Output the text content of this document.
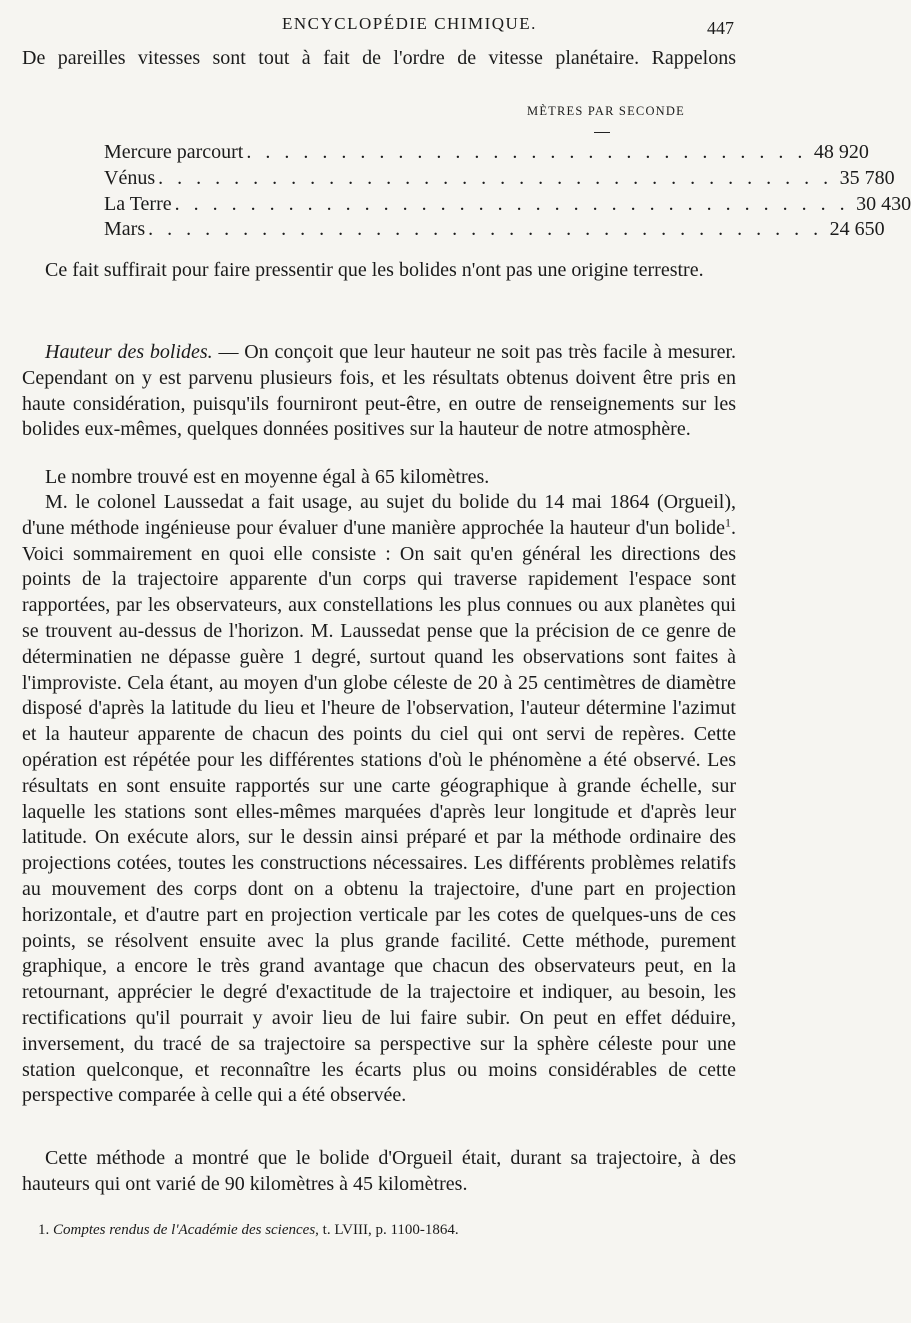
ENCYCLOPÉDIE CHIMIQUE.	447

De pareilles vitesses sont tout à fait de l'ordre de vitesse planétaire. Rappelons

MÈTRES PAR SECONDE
Mercure parcourt . . . . . . . . . . . . . . . . . . . . . . . . . . . . . . 48 920
Vénus . . . . . . . . . . . . . . . . . . . . . . . . . . . . . . . . . . . . 35 780
La Terre . . . . . . . . . . . . . . . . . . . . . . . . . . . . . . . . . . . . 30 430
Mars . . . . . . . . . . . . . . . . . . . . . . . . . . . . . . . . . . . . 24 650

Ce fait suffirait pour faire pressentir que les bolides n'ont pas une origine terrestre.

Hauteur des bolides. — On conçoit que leur hauteur ne soit pas très facile à mesurer. Cependant on y est parvenu plusieurs fois, et les résultats obtenus doivent être pris en haute considération, puisqu'ils fourniront peut-être, en outre de renseignements sur les bolides eux-mêmes, quelques données positives sur la hauteur de notre atmosphère.

Le nombre trouvé est en moyenne égal à 65 kilomètres.

M. le colonel Laussedat a fait usage, au sujet du bolide du 14 mai 1864 (Orgueil), d'une méthode ingénieuse pour évaluer d'une manière approchée la hauteur d'un bolide$^1$. Voici sommairement en quoi elle consiste : On sait qu'en général les directions des points de la trajectoire apparente d'un corps qui traverse rapidement l'espace sont rapportées, par les observateurs, aux constellations les plus connues ou aux planètes qui se trouvent au-dessus de l'horizon. M. Laussedat pense que la précision de ce genre de déterminatien ne dépasse guère 1 degré, surtout quand les observations sont faites à l'improviste. Cela étant, au moyen d'un globe céleste de 20 à 25 centimètres de diamètre disposé d'après la latitude du lieu et l'heure de l'observation, l'auteur détermine l'azimut et la hauteur apparente de chacun des points du ciel qui ont servi de repères. Cette opération est répétée pour les différentes stations d'où le phénomène a été observé. Les résultats en sont ensuite rapportés sur une carte géographique à grande échelle, sur laquelle les stations sont elles-mêmes marquées d'après leur longitude et d'après leur latitude. On exécute alors, sur le dessin ainsi préparé et par la méthode ordinaire des projections cotées, toutes les constructions nécessaires. Les différents problèmes relatifs au mouvement des corps dont on a obtenu la trajectoire, d'une part en projection horizontale, et d'autre part en projection verticale par les cotes de quelques-uns de ces points, se résolvent ensuite avec la plus grande facilité. Cette méthode, purement graphique, a encore le très grand avantage que chacun des observateurs peut, en la retournant, apprécier le degré d'exactitude de la trajectoire et indiquer, au besoin, les rectifications qu'il pourrait y avoir lieu de lui faire subir. On peut en effet déduire, inversement, du tracé de sa trajectoire sa perspective sur la sphère céleste pour une station quelconque, et reconnaître les écarts plus ou moins considérables de cette perspective comparée à celle qui a été observée.

Cette méthode a montré que le bolide d'Orgueil était, durant sa trajectoire, à des hauteurs qui ont varié de 90 kilomètres à 45 kilomètres.

1. Comptes rendus de l'Académie des sciences, t. LVIII, p. 1100-1864.
